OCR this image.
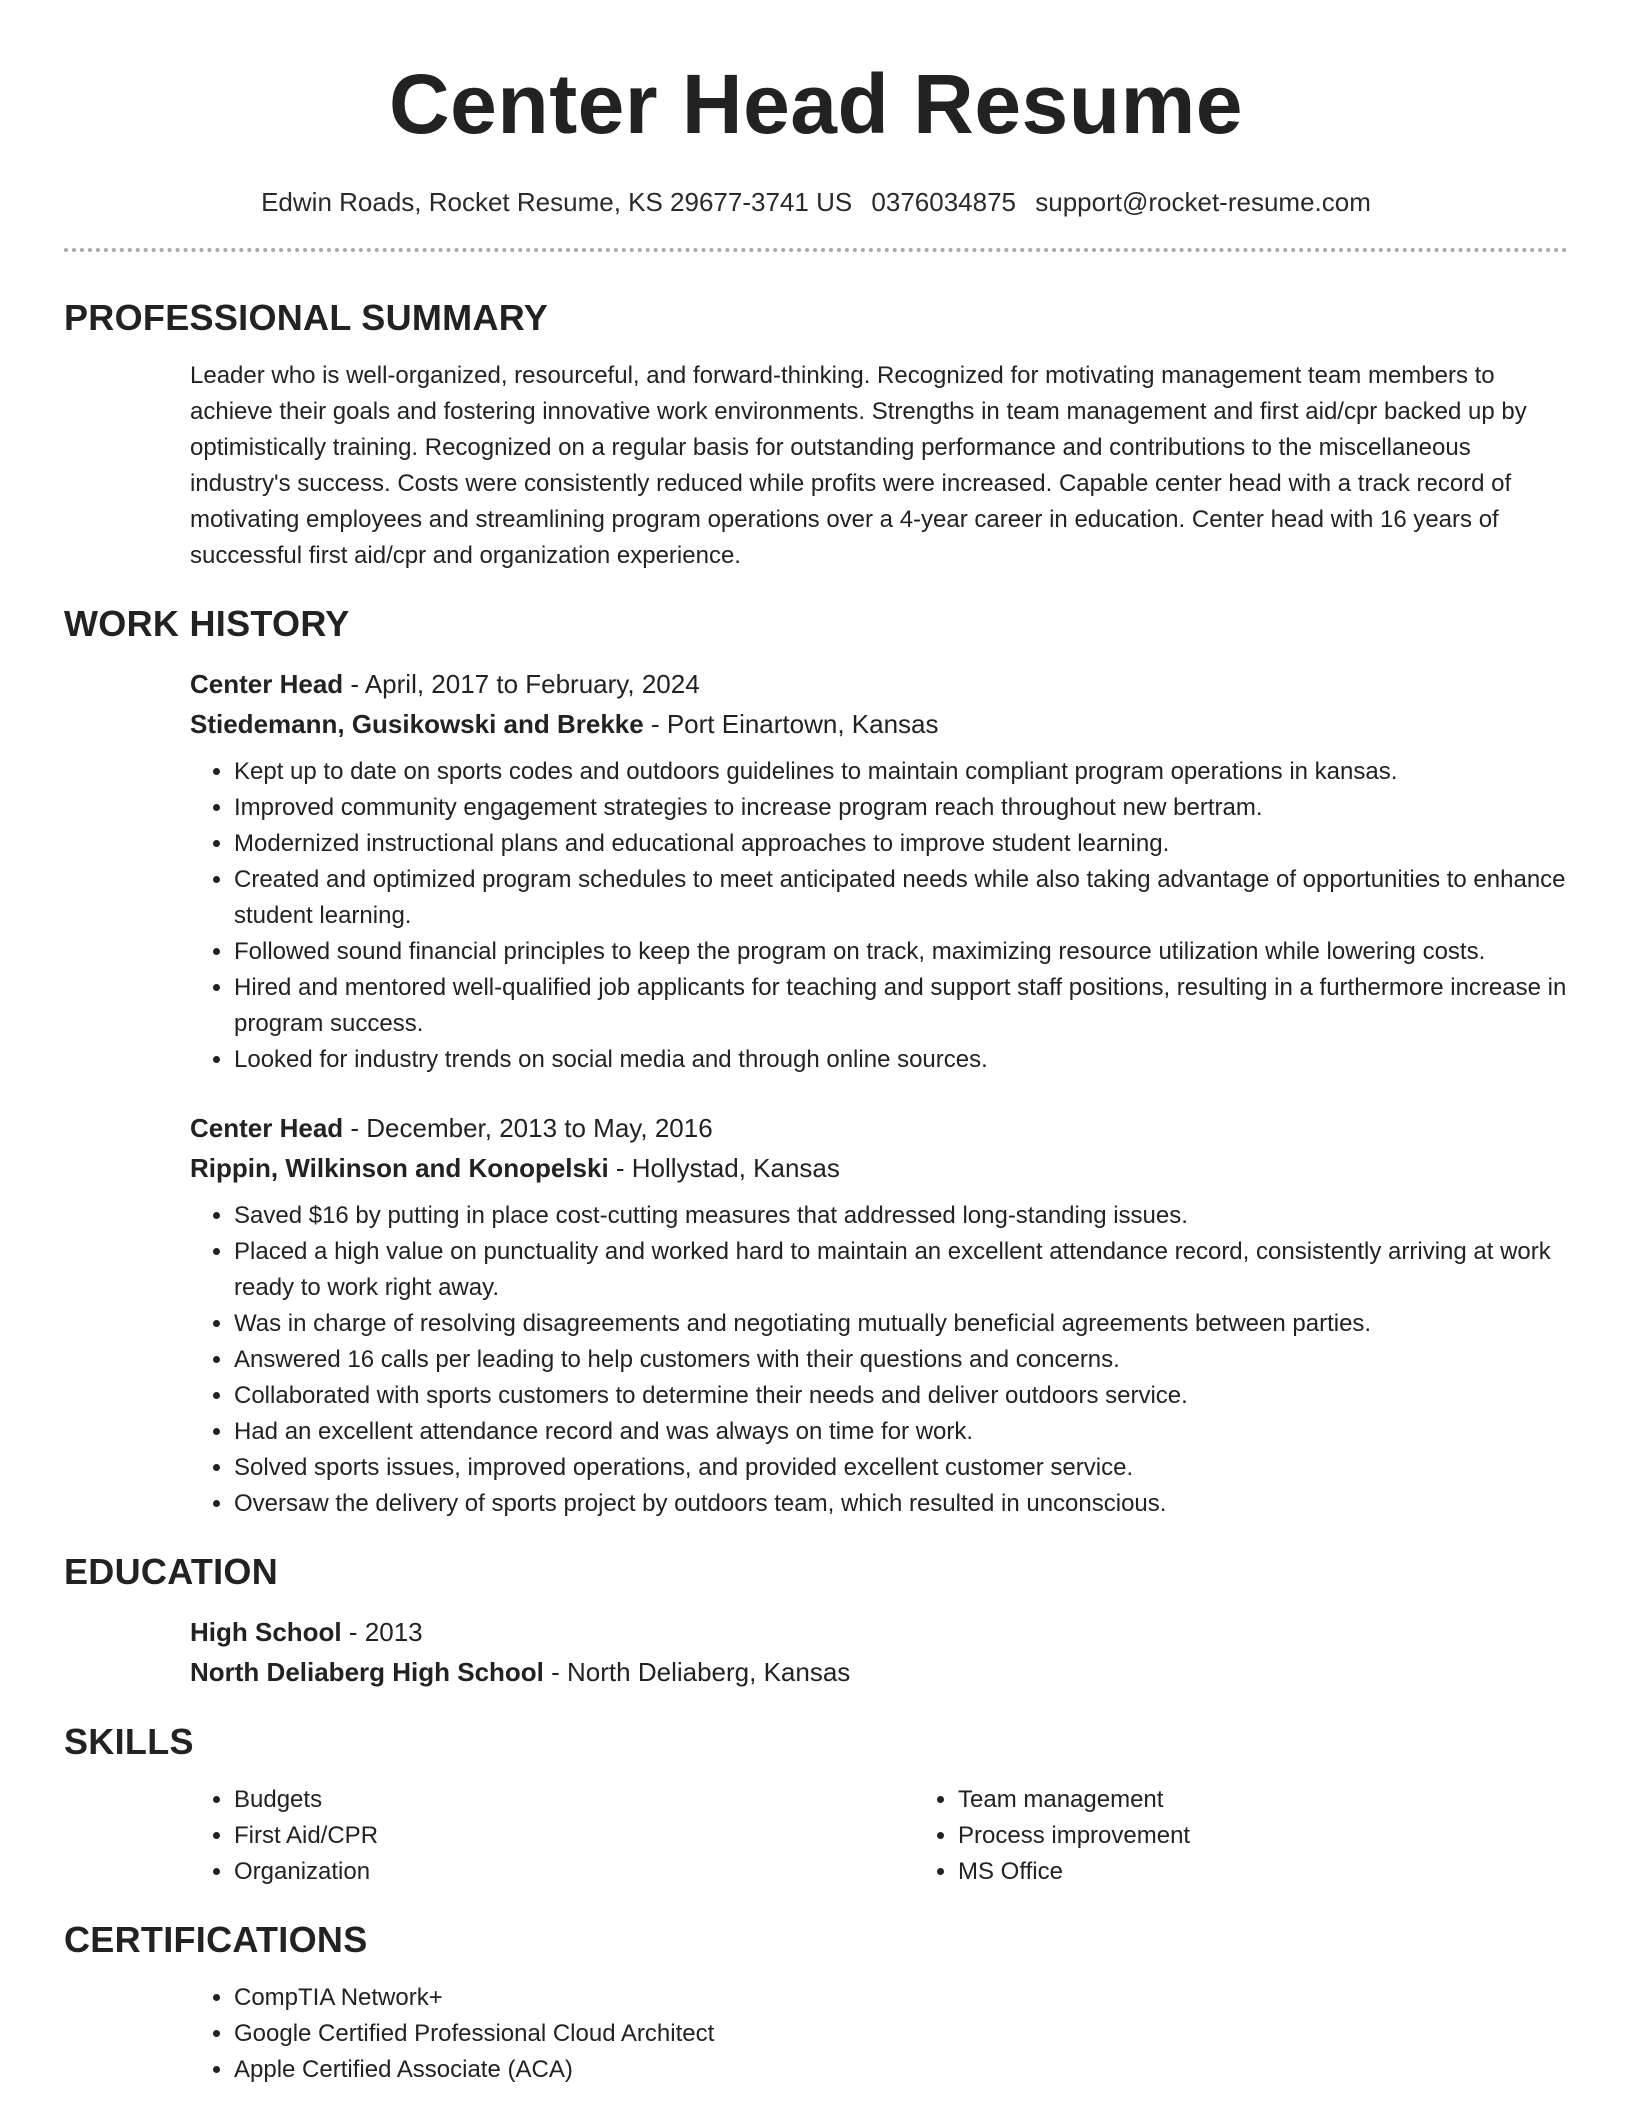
Center Head Resume
Edwin Roads, Rocket Resume, KS 29677-3741 US 0376034875 support@rocket-resume.com
PROFESSIONAL SUMMARY

Leader who is well-organized, resourceful, and forward-thinking. Recognized for motivating management team members to achieve their goals and fostering innovative work environments. Strengths in team management and first aid/cpr backed up by optimistically training. Recognized on a regular basis for outstanding performance and contributions to the miscellaneous industry's success. Costs were consistently reduced while profits were increased. Capable center head with a track record of motivating employees and streamlining program operations over a 4-year career in education. Center head with 16 years of successful first aid/cpr and organization experience.

WORK HISTORY
Center Head - April, 2017 to February, 2024
Stiedemann, Gusikowski and Brekke - Port Einartown, Kansas
• Kept up to date on sports codes and outdoors guidelines to maintain compliant program operations in kansas.
• Improved community engagement strategies to increase program reach throughout new bertram.
• Modernized instructional plans and educational approaches to improve student learning.
• Created and optimized program schedules to meet anticipated needs while also taking advantage of opportunities to enhance student learning.
• Followed sound financial principles to keep the program on track, maximizing resource utilization while lowering costs.
• Hired and mentored well-qualified job applicants for teaching and support staff positions, resulting in a furthermore increase in program success.
• Looked for industry trends on social media and through online sources.
Center Head - December, 2013 to May, 2016
Rippin, Wilkinson and Konopelski - Hollystad, Kansas
• Saved $16 by putting in place cost-cutting measures that addressed long-standing issues.
• Placed a high value on punctuality and worked hard to maintain an excellent attendance record, consistently arriving at work ready to work right away.
• Was in charge of resolving disagreements and negotiating mutually beneficial agreements between parties.
• Answered 16 calls per leading to help customers with their questions and concerns.
• Collaborated with sports customers to determine their needs and deliver outdoors service.
• Had an excellent attendance record and was always on time for work.
• Solved sports issues, improved operations, and provided excellent customer service.
• Oversaw the delivery of sports project by outdoors team, which resulted in unconscious.
EDUCATION
High School - 2013
North Deliaberg High School - North Deliaberg, Kansas
SKILLS
• Budgets
• First Aid/CPR
• Organization
• Team management
• Process improvement
• MS Office
CERTIFICATIONS
• CompTIA Network+
• Google Certified Professional Cloud Architect
• Apple Certified Associate (ACA)
